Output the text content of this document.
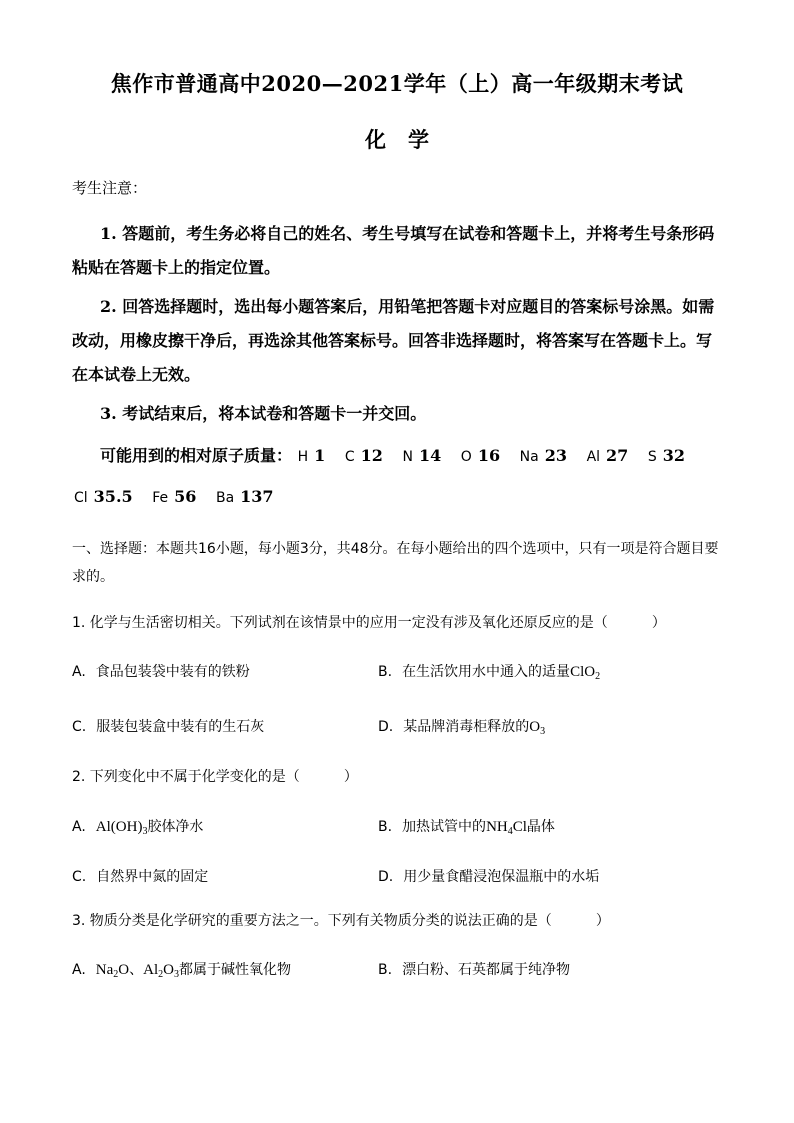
焦作市普通高中2020—2021学年（上）高一年级期末考试
化学
考生注意：
1. 答题前，考生务必将自己的姓名、考生号填写在试卷和答题卡上，并将考生号条形码粘贴在答题卡上的指定位置。
2. 回答选择题时，选出每小题答案后，用铅笔把答题卡对应题目的答案标号涂黑。如需改动，用橡皮擦干净后，再选涂其他答案标号。回答非选择题时，将答案写在答题卡上。写在本试卷上无效。
3. 考试结束后，将本试卷和答题卡一并交回。
可能用到的相对原子质量： H 1 C 12 N 14 O 16 Na 23 Al 27 S 32
Cl 35.5 Fe 56 Ba 137
一、选择题：本题共16小题，每小题3分，共48分。在每小题给出的四个选项中，只有一项是符合题目要求的。
1. 化学与生活密切相关。下列试剂在该情景中的应用一定没有涉及氧化还原反应的是（	）
A. 食品包装袋中装有的铁粉	B. 在生活饮用水中通入的适量ClO$_2$
C. 服装包装盒中装有的生石灰	D. 某品牌消毒柜释放的$O_3$
2. 下列变化中不属于化学变化的是（	）
A. $Al(OH)_3$胶体净水	B. 加热试管中的$NH_4Cl$晶体
C. 自然界中氮的固定	D. 用少量食醋浸泡保温瓶中的水垢
3. 物质分类是化学研究的重要方法之一。下列有关物质分类的说法正确的是（	）
A. $Na_2O$、$Al_2O_3$都属于碱性氧化物	B. 漂白粉、石英都属于纯净物
